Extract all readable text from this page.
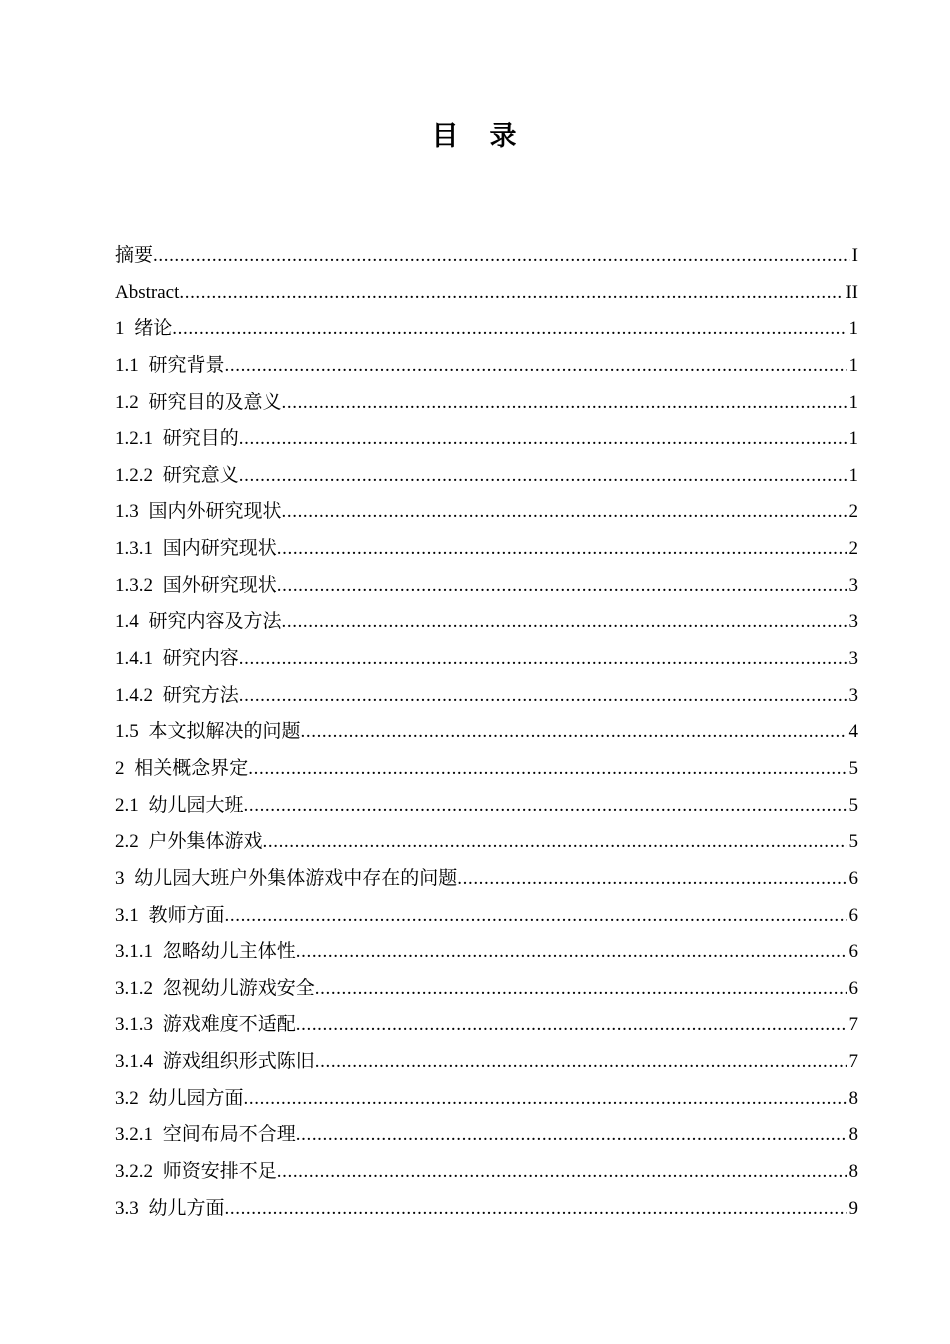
目　录
摘要 .....	I
Abstract .....	II
1 绪论 .....	1
1.1 研究背景 .....	1
1.2 研究目的及意义 .....	1
1.2.1 研究目的 .....	1
1.2.2 研究意义 .....	1
1.3 国内外研究现状 .....	2
1.3.1 国内研究现状 .....	2
1.3.2 国外研究现状 .....	3
1.4 研究内容及方法 .....	3
1.4.1 研究内容 .....	3
1.4.2 研究方法 .....	3
1.5 本文拟解决的问题 .....	4
2 相关概念界定 .....	5
2.1 幼儿园大班 .....	5
2.2 户外集体游戏 .....	5
3 幼儿园大班户外集体游戏中存在的问题 .....	6
3.1 教师方面 .....	6
3.1.1 忽略幼儿主体性 .....	6
3.1.2 忽视幼儿游戏安全 .....	6
3.1.3 游戏难度不适配 .....	7
3.1.4 游戏组织形式陈旧 .....	7
3.2 幼儿园方面 .....	8
3.2.1 空间布局不合理 .....	8
3.2.2 师资安排不足 .....	8
3.3 幼儿方面 .....	9
